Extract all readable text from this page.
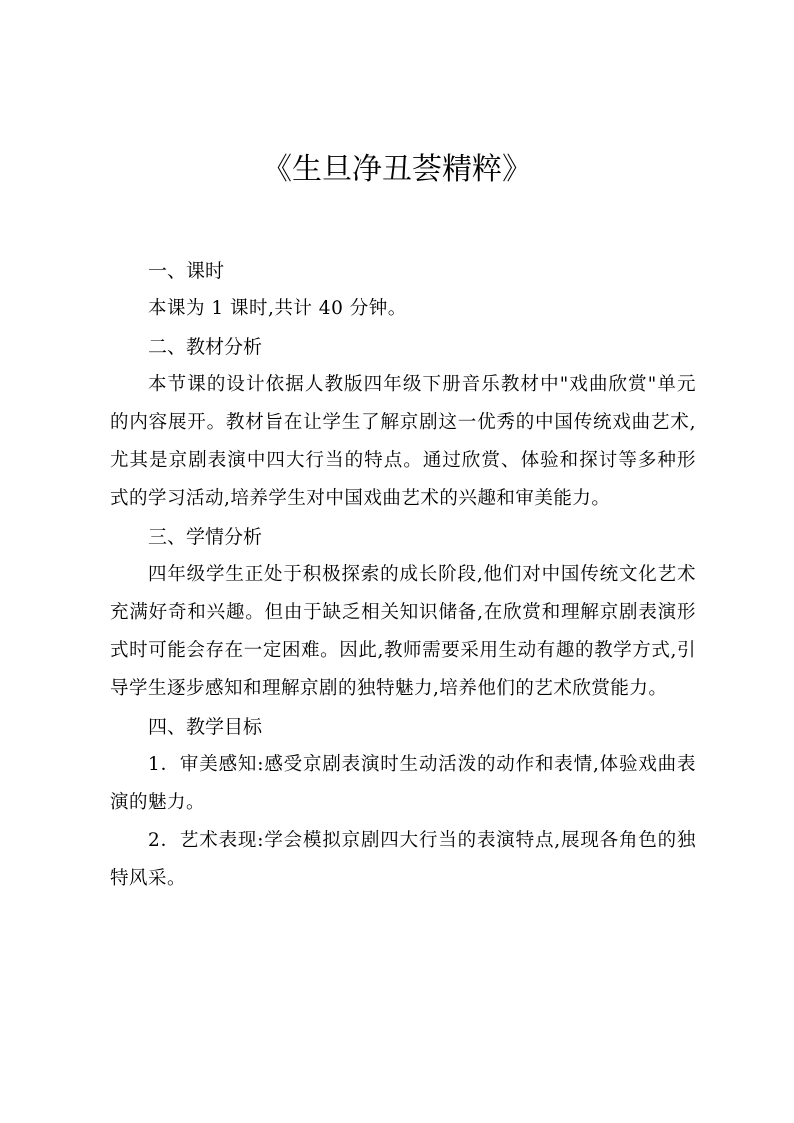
《生旦净丑荟精粹》
一、课时

本课为 1 课时,共计 40 分钟。

二、教材分析

本节课的设计依据人教版四年级下册音乐教材中"戏曲欣赏"单元的内容展开。教材旨在让学生了解京剧这一优秀的中国传统戏曲艺术,尤其是京剧表演中四大行当的特点。通过欣赏、体验和探讨等多种形式的学习活动,培养学生对中国戏曲艺术的兴趣和审美能力。

三、学情分析

四年级学生正处于积极探索的成长阶段,他们对中国传统文化艺术充满好奇和兴趣。但由于缺乏相关知识储备,在欣赏和理解京剧表演形式时可能会存在一定困难。因此,教师需要采用生动有趣的教学方式,引导学生逐步感知和理解京剧的独特魅力,培养他们的艺术欣赏能力。

四、教学目标

1．审美感知:感受京剧表演时生动活泼的动作和表情,体验戏曲表演的魅力。

2．艺术表现:学会模拟京剧四大行当的表演特点,展现各角色的独特风采。
